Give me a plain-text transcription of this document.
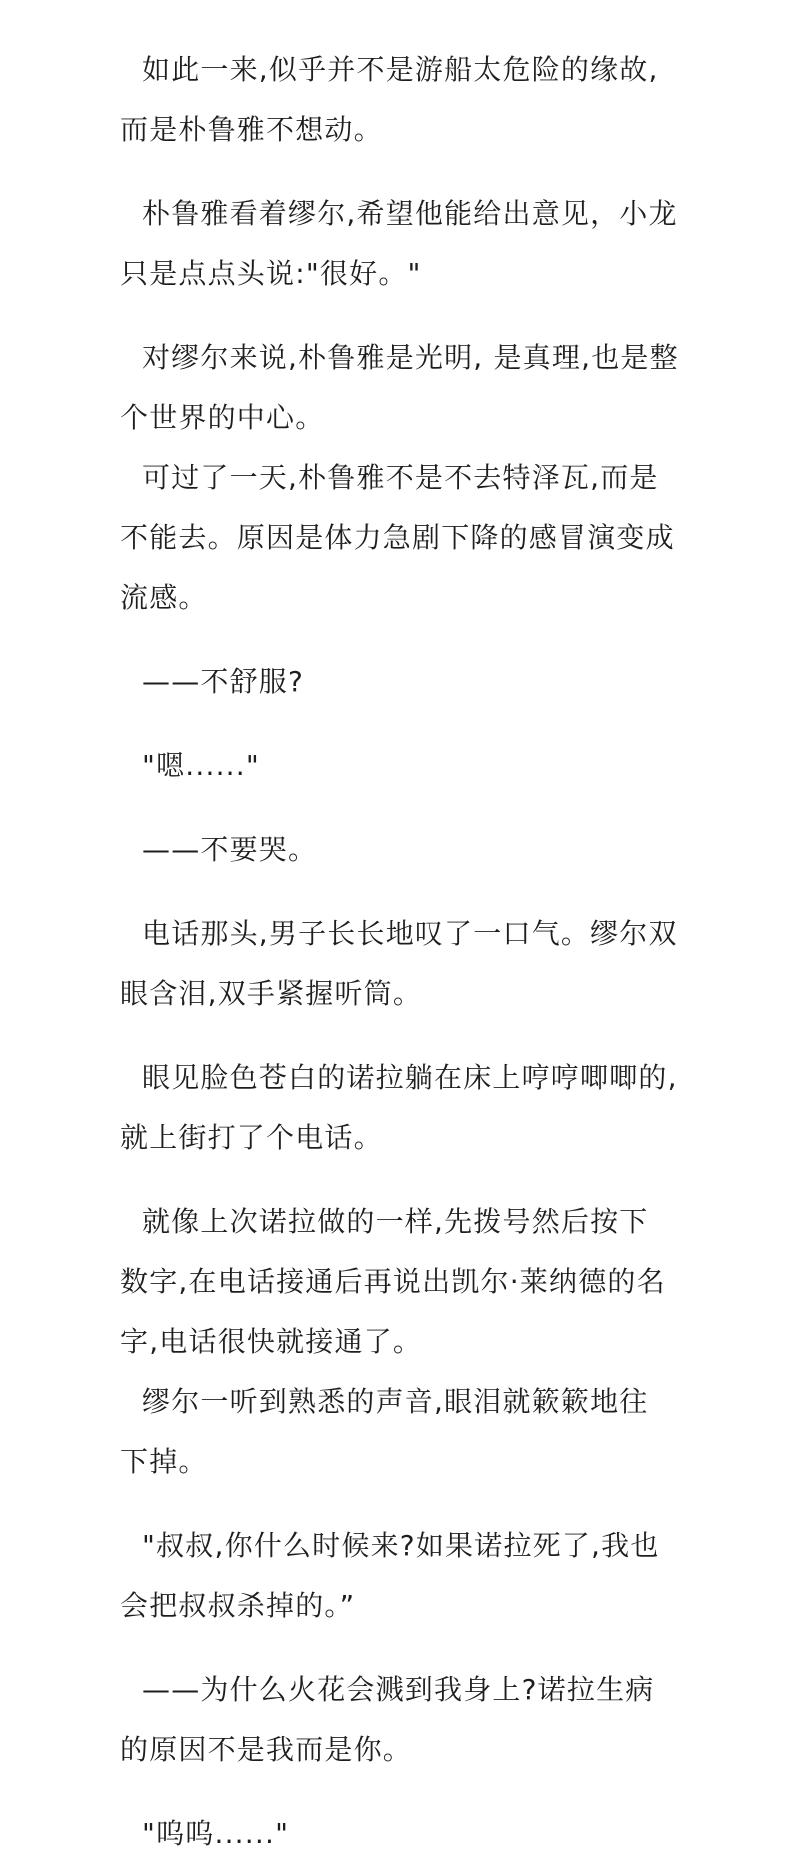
如此一来,似乎并不是游船太危险的缘故,
而是朴鲁雅不想动。
朴鲁雅看着缪尔,希望他能给出意见，小龙
只是点点头说:"很好。"
对缪尔来说,朴鲁雅是光明, 是真理,也是整
个世界的中心。
可过了一天,朴鲁雅不是不去特泽瓦,而是
不能去。原因是体力急剧下降的感冒演变成
流感。
——不舒服?
"嗯......"
——不要哭。
电话那头,男子长长地叹了一口气。缪尔双
眼含泪,双手紧握听筒。
眼见脸色苍白的诺拉躺在床上哼哼唧唧的,
就上街打了个电话。
就像上次诺拉做的一样,先拨号然后按下
数字,在电话接通后再说出凯尔·莱纳德的名
字,电话很快就接通了。
缪尔一听到熟悉的声音,眼泪就簌簌地往
下掉。
"叔叔,你什么时候来?如果诺拉死了,我也
会把叔叔杀掉的。”
——为什么火花会溅到我身上?诺拉生病
的原因不是我而是你。
"呜呜......"
